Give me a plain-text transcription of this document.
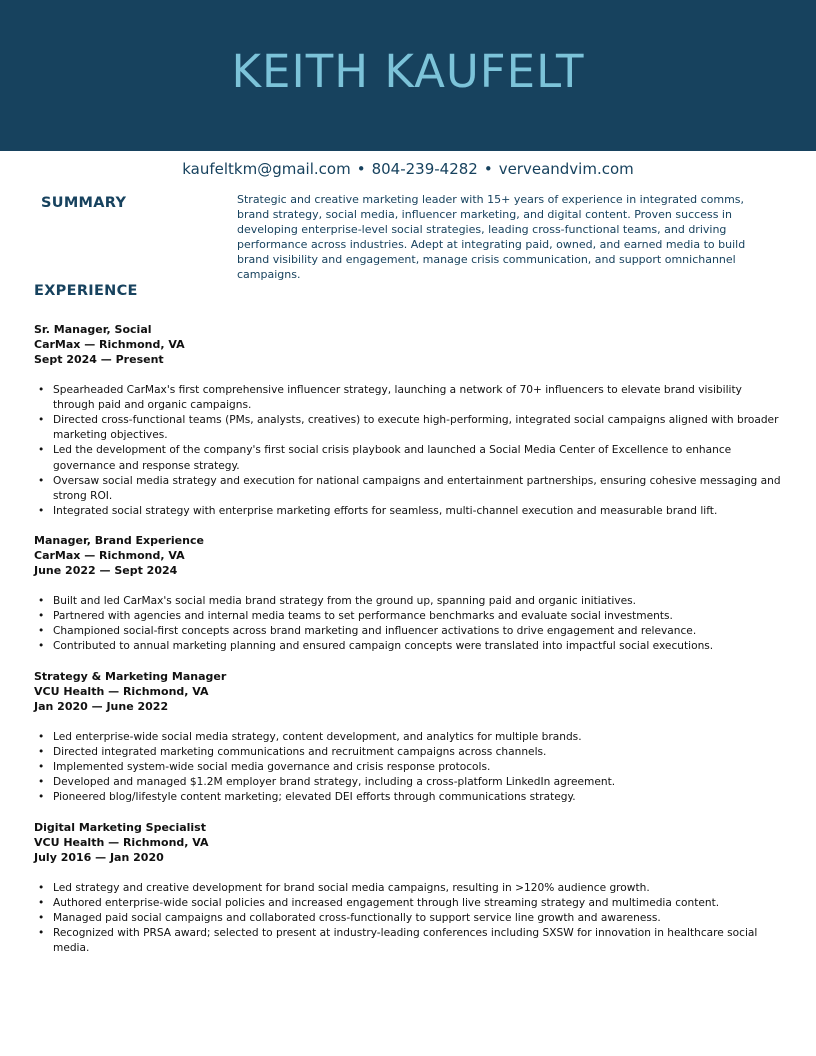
KEITH KAUFELT
kaufeltkm@gmail.com • 804-239-4282 • verveandvim.com
SUMMARY	Strategic and creative marketing leader with 15+ years of experience in integrated comms, brand strategy, social media, influencer marketing, and digital content. Proven success in developing enterprise-level social strategies, leading cross-functional teams, and driving performance across industries. Adept at integrating paid, owned, and earned media to build brand visibility and engagement, manage crisis communication, and support omnichannel campaigns.
EXPERIENCE
Sr. Manager, Social
CarMax — Richmond, VA
Sept 2024 — Present
• Spearheaded CarMax's first comprehensive influencer strategy, launching a network of 70+ influencers to elevate brand visibility through paid and organic campaigns.
• Directed cross-functional teams (PMs, analysts, creatives) to execute high-performing, integrated social campaigns aligned with broader marketing objectives.
• Led the development of the company's first social crisis playbook and launched a Social Media Center of Excellence to enhance governance and response strategy.
• Oversaw social media strategy and execution for national campaigns and entertainment partnerships, ensuring cohesive messaging and strong ROI.
• Integrated social strategy with enterprise marketing efforts for seamless, multi-channel execution and measurable brand lift.
Manager, Brand Experience
CarMax — Richmond, VA
June 2022 — Sept 2024
• Built and led CarMax's social media brand strategy from the ground up, spanning paid and organic initiatives.
• Partnered with agencies and internal media teams to set performance benchmarks and evaluate social investments.
• Championed social-first concepts across brand marketing and influencer activations to drive engagement and relevance.
• Contributed to annual marketing planning and ensured campaign concepts were translated into impactful social executions.
Strategy & Marketing Manager
VCU Health — Richmond, VA
Jan 2020 — June 2022
• Led enterprise-wide social media strategy, content development, and analytics for multiple brands.
• Directed integrated marketing communications and recruitment campaigns across channels.
• Implemented system-wide social media governance and crisis response protocols.
• Developed and managed $1.2M employer brand strategy, including a cross-platform LinkedIn agreement.
• Pioneered blog/lifestyle content marketing; elevated DEI efforts through communications strategy.
Digital Marketing Specialist
VCU Health — Richmond, VA
July 2016 — Jan 2020
• Led strategy and creative development for brand social media campaigns, resulting in >120% audience growth.
• Authored enterprise-wide social policies and increased engagement through live streaming strategy and multimedia content.
• Managed paid social campaigns and collaborated cross-functionally to support service line growth and awareness.
• Recognized with PRSA award; selected to present at industry-leading conferences including SXSW for innovation in healthcare social media.
